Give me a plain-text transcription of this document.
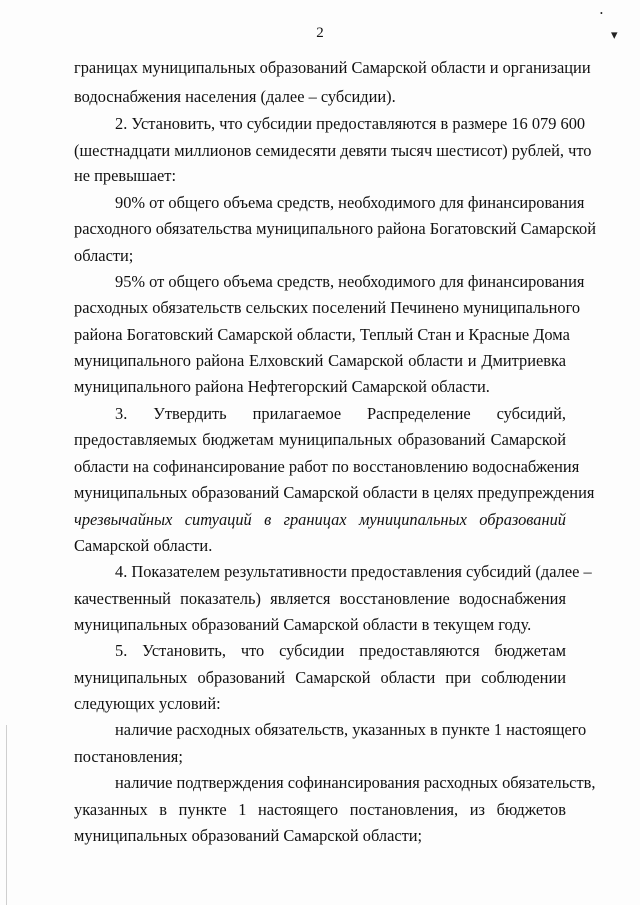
2
•
▾
границах муниципальных образований Самарской области и организации
водоснабжения населения (далее – субсидии).
2. Установить, что субсидии предоставляются в размере 16 079 600
(шестнадцати миллионов семидесяти девяти тысяч шестисот) рублей, что
не превышает:
90% от общего объема средств, необходимого для финансирования
расходного обязательства муниципального района Богатовский Самарской
области;
95% от общего объема средств, необходимого для финансирования
расходных обязательств сельских поселений Печинено муниципального
района Богатовский Самарской области, Теплый Стан и Красные Дома
муниципального района Елховский Самарской области и Дмитриевка
муниципального района Нефтегорский Самарской области.
3. Утвердить прилагаемое Распределение субсидий,
предоставляемых бюджетам муниципальных образований Самарской
области на софинансирование работ по восстановлению водоснабжения
муниципальных образований Самарской области в целях предупреждения
чрезвычайных ситуаций в границах муниципальных образований
Самарской области.
4. Показателем результативности предоставления субсидий (далее –
качественный показатель) является восстановление водоснабжения
муниципальных образований Самарской области в текущем году.
5. Установить, что субсидии предоставляются бюджетам
муниципальных образований Самарской области при соблюдении
следующих условий:
наличие расходных обязательств, указанных в пункте 1 настоящего
постановления;
наличие подтверждения софинансирования расходных обязательств,
указанных в пункте 1 настоящего постановления, из бюджетов
муниципальных образований Самарской области;
